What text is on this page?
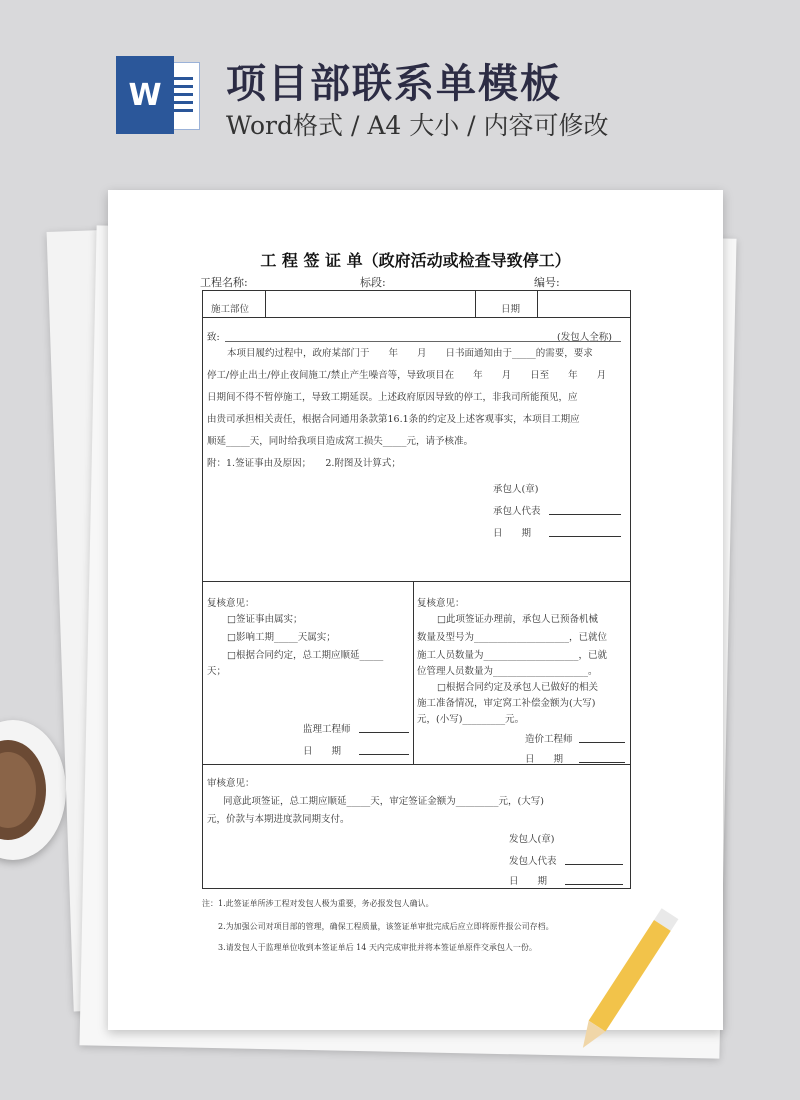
W	项目部联系单模板
Word格式 / A4 大小 / 内容可修改
工 程 签 证 单（政府活动或检查导致停工）
工程名称:	标段:	编号:
施工部位	日期
致:	(发包人全称)
本项目履约过程中，政府某部门于　　年　　月　　日书面通知由于_____的需要，要求
停工/停止出土/停止夜间施工/禁止产生噪音等，导致项目在　　年　　月　　日至　　年　　月
日期间不得不暂停施工，导致工期延误。上述政府原因导致的停工，非我司所能预见，应
由贵司承担相关责任，根据合同通用条款第16.1条的约定及上述客观事实，本项目工期应
顺延_____天，同时给我项目造成窝工损失_____元，请予核准。
附：1.签证事由及原因；　　2.附图及计算式；
承包人(章)
承包人代表
日　　期
复核意见：
□签证事由属实；
□影响工期_____天属实；
□根据合同约定，总工期应顺延_____
天；
监理工程师
日　　期
复核意见：
□此项签证办理前，承包人已预备机械
数量及型号为____________________，已就位
施工人员数量为____________________，已就
位管理人员数量为____________________。
□根据合同约定及承包人已做好的相关
施工准备情况，审定窝工补偿金额为(大写)
元，(小写)_________元。
造价工程师
日　　期
审核意见：
同意此项签证，总工期应顺延_____天，审定签证金额为_________元，(大写)
元，价款与本期进度款同期支付。
发包人(章)
发包人代表
日　　期
注：1.此签证单所涉工程对发包人极为重要，务必报发包人确认。
2.为加强公司对项目部的管理，确保工程质量，该签证单审批完成后应立即将原件报公司存档。
3.请发包人于监理单位收到本签证单后 14 天内完成审批并将本签证单原件交承包人一份。
